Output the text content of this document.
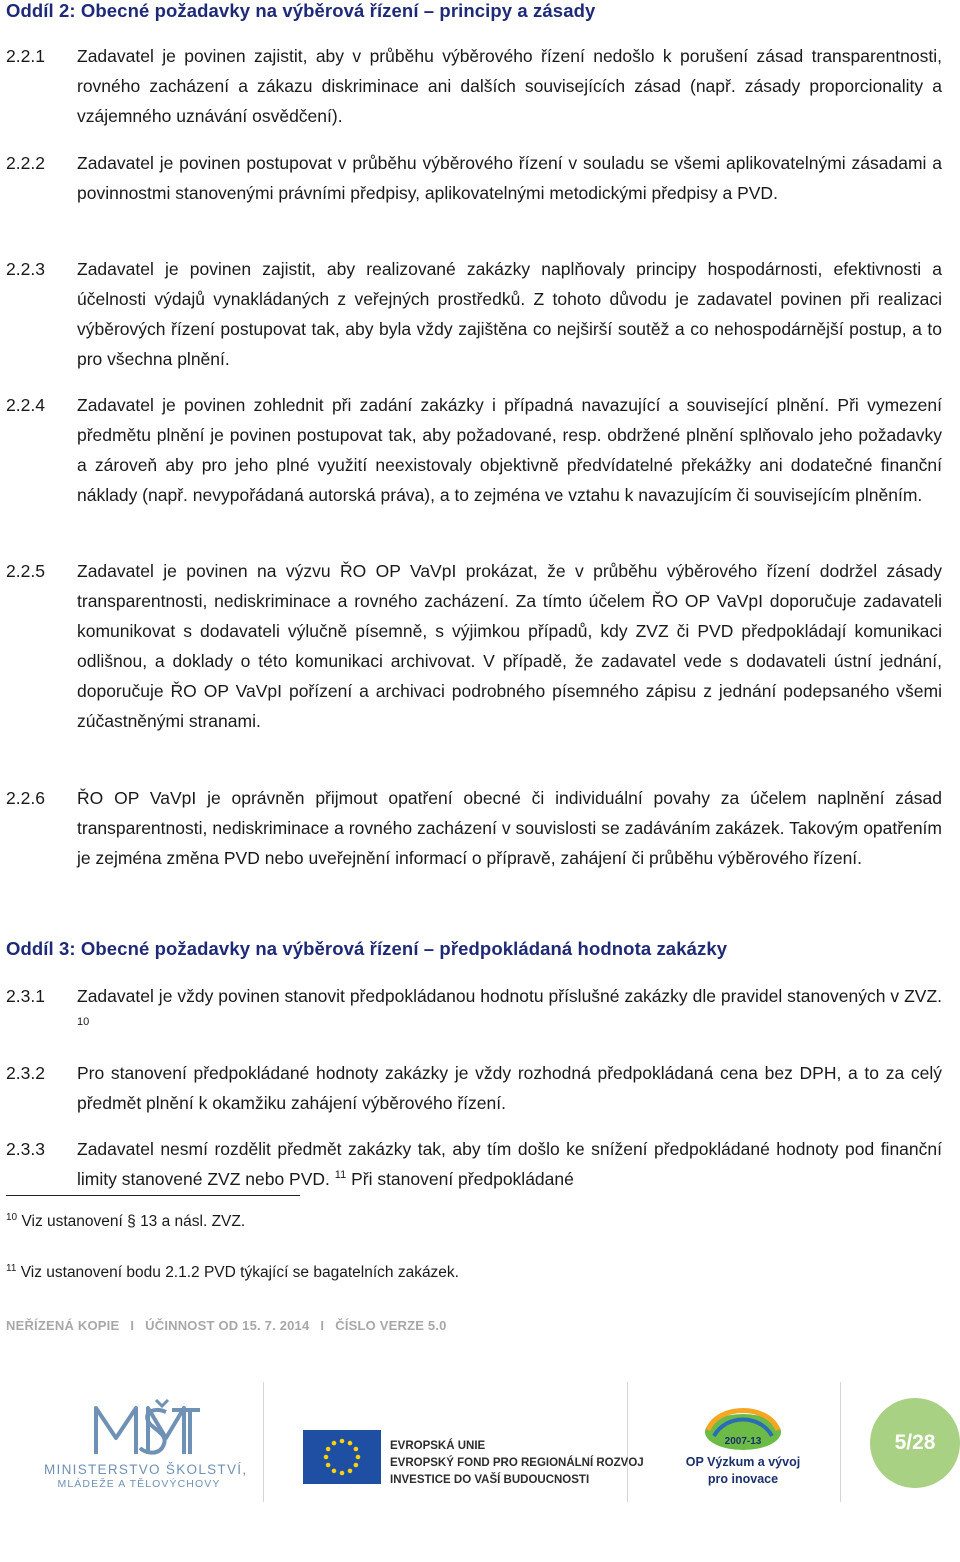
Oddíl 2: Obecné požadavky na výběrová řízení – principy a zásady
2.2.1 Zadavatel je povinen zajistit, aby v průběhu výběrového řízení nedošlo k porušení zásad transparentnosti, rovného zacházení a zákazu diskriminace ani dalších souvisejících zásad (např. zásady proporcionality a vzájemného uznávání osvědčení).

2.2.2 Zadavatel je povinen postupovat v průběhu výběrového řízení v souladu se všemi aplikovatelnými zásadami a povinnostmi stanovenými právními předpisy, aplikovatelnými metodickými předpisy a PVD.

2.2.3 Zadavatel je povinen zajistit, aby realizované zakázky naplňovaly principy hospodárnosti, efektivnosti a účelnosti výdajů vynakládaných z veřejných prostředků. Z tohoto důvodu je zadavatel povinen při realizaci výběrových řízení postupovat tak, aby byla vždy zajištěna co nejširší soutěž a co nehospodárnější postup, a to pro všechna plnění.

2.2.4 Zadavatel je povinen zohlednit při zadání zakázky i případná navazující a související plnění. Při vymezení předmětu plnění je povinen postupovat tak, aby požadované, resp. obdržené plnění splňovalo jeho požadavky a zároveň aby pro jeho plné využití neexistovaly objektivně předvídatelné překážky ani dodatečné finanční náklady (např. nevypořádaná autorská práva), a to zejména ve vztahu k navazujícím či souvisejícím plněním.

2.2.5 Zadavatel je povinen na výzvu ŘO OP VaVpI prokázat, že v průběhu výběrového řízení dodržel zásady transparentnosti, nediskriminace a rovného zacházení. Za tímto účelem ŘO OP VaVpI doporučuje zadavateli komunikovat s dodavateli výlučně písemně, s výjimkou případů, kdy ZVZ či PVD předpokládají komunikaci odlišnou, a doklady o této komunikaci archivovat. V případě, že zadavatel vede s dodavateli ústní jednání, doporučuje ŘO OP VaVpI pořízení a archivaci podrobného písemného zápisu z jednání podepsaného všemi zúčastněnými stranami.

2.2.6 ŘO OP VaVpI je oprávněn přijmout opatření obecné či individuální povahy za účelem naplnění zásad transparentnosti, nediskriminace a rovného zacházení v souvislosti se zadáváním zakázek. Takovým opatřením je zejména změna PVD nebo uveřejnění informací o přípravě, zahájení či průběhu výběrového řízení.

Oddíl 3: Obecné požadavky na výběrová řízení – předpokládaná hodnota zakázky
2.3.1 Zadavatel je vždy povinen stanovit předpokládanou hodnotu příslušné zakázky dle pravidel stanovených v ZVZ. $^{10}$

2.3.2 Pro stanovení předpokládané hodnoty zakázky je vždy rozhodná předpokládaná cena bez DPH, a to za celý předmět plnění k okamžiku zahájení výběrového řízení.

2.3.3 Zadavatel nesmí rozdělit předmět zakázky tak, aby tím došlo ke snížení předpokládané hodnoty pod finanční limity stanovené ZVZ nebo PVD. $^{11}$ Při stanovení předpokládané

$^{10}$ Viz ustanovení § 13 a násl. ZVZ.

$^{11}$ Viz ustanovení bodu 2.1.2 PVD týkající se bagatelních zakázek.

NEŘÍZENÁ KOPIE I ÚČINNOST OD 15. 7. 2014 I ČÍSLO VERZE 5.0
MINISTERSTVO ŠKOLSTVÍ,
MLÁDEŽE A TĚLOVÝCHOVY
EVROPSKÁ UNIE
EVROPSKÝ FOND PRO REGIONÁLNÍ ROZVOJ
INVESTICE DO VAŠÍ BUDOUCNOSTI
2007-13
OP Výzkum a vývoj
pro inovace
5/28
